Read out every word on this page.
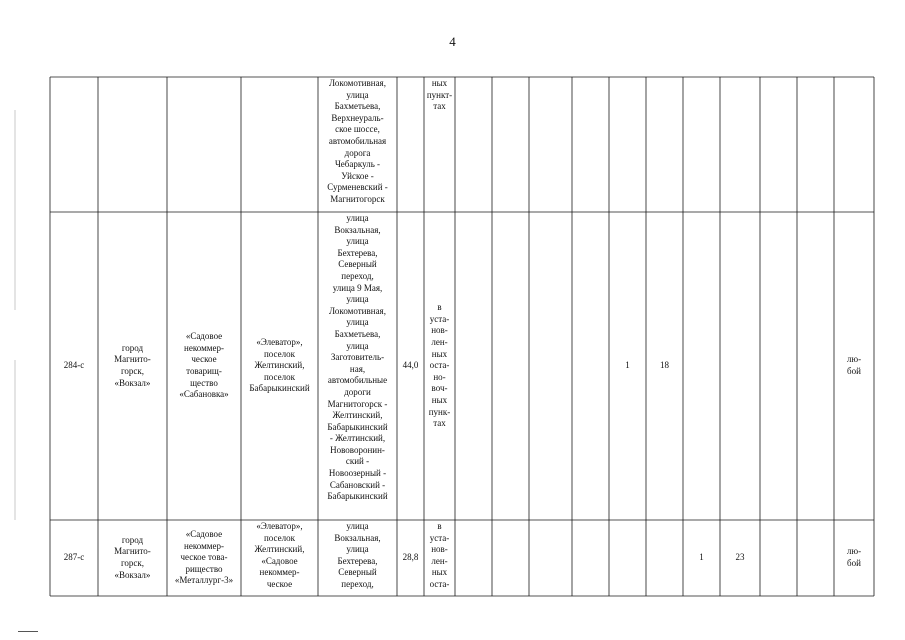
4
Локомотивная,
улица
Бахметьева,
Верхнеураль-
ское шоссе,
автомобильная
дорога
Чебаркуль -
Уйское -
Сурменевский -
Магнитогорск
ных
пункт-
тах
284-с
город
Магнито-
горск,
«Вокзал»
«Садовое
некоммер-
ческое
товарищ-
щество
«Сабановка»
«Элеватор»,
поселок
Желтинский,
поселок
Бабарыкинский
улица
Вокзальная,
улица
Бехтерева,
Северный
переход,
улица 9 Мая,
улица
Локомотивная,
улица
Бахметьева,
улица
Заготовитель-
ная,
автомобильные
дороги
Магнитогорск -
Желтинский,
Бабарыкинский
- Желтинский,
Нововоронин-
ский -
Новоозерный -
Сабановский -
Бабарыкинский
44,0
в
уста-
нов-
лен-
ных
оста-
но-
воч-
ных
пунк-
тах
1	18
лю-
бой
287-с
город
Магнито-
горск,
«Вокзал»
«Садовое
некоммер-
ческое това-
рищество
«Металлург-3»
«Элеватор»,
поселок
Желтинский,
«Садовое
некоммер-
ческое
улица
Вокзальная,
улица
Бехтерева,
Северный
переход,
28,8
в
уста-
нов-
лен-
ных
оста-
1	23
лю-
бой
